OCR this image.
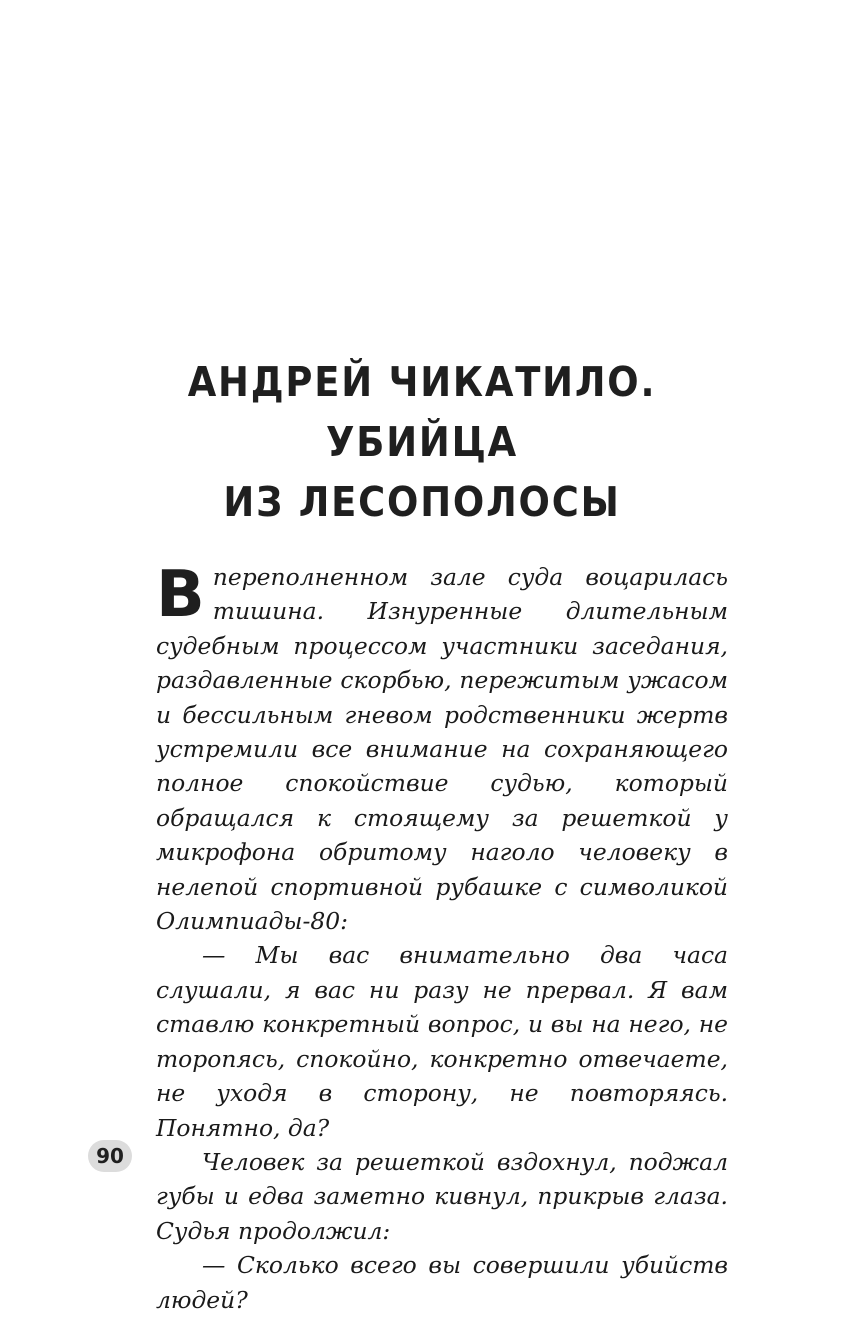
АНДРЕЙ ЧИКАТИЛО.
УБИЙЦА
ИЗ ЛЕСОПОЛОСЫ

В переполненном зале суда воцарилась тишина. Изнуренные длительным судебным процессом участники заседания, раздавленные скорбью, пережитым ужасом и бессильным гневом родственники жертв устремили все внимание на сохраняющего полное спокойствие судью, который обращался к стоящему за решеткой у микрофона обритому наголо человеку в нелепой спортивной рубашке с символикой Олимпиады-80:

— Мы вас внимательно два часа слушали, я вас ни разу не прервал. Я вам ставлю конкретный вопрос, и вы на него, не торопясь, спокойно, конкретно отвечаете, не уходя в сторону, не повторяясь. Понятно, да?

Человек за решеткой вздохнул, поджал губы и едва заметно кивнул, прикрыв глаза. Судья продолжил:

— Сколько всего вы совершили убийств людей?

90
